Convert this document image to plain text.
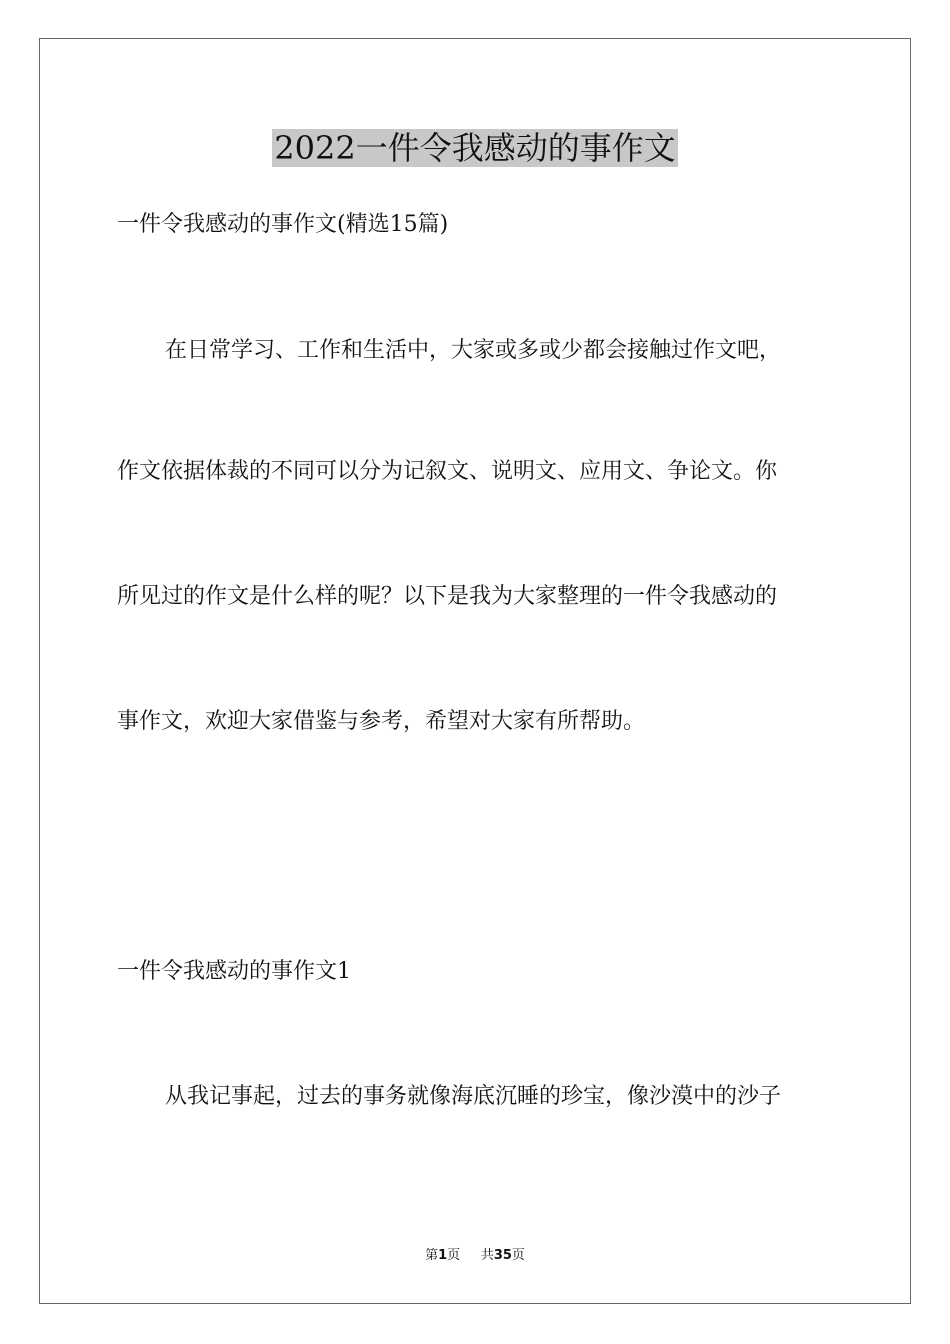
2022一件令我感动的事作文
一件令我感动的事作文(精选15篇)
在日常学习、工作和生活中，大家或多或少都会接触过作文吧，
作文依据体裁的不同可以分为记叙文、说明文、应用文、争论文。你
所见过的作文是什么样的呢？以下是我为大家整理的一件令我感动的
事作文，欢迎大家借鉴与参考，希望对大家有所帮助。
一件令我感动的事作文1
从我记事起，过去的事务就像海底沉睡的珍宝，像沙漠中的沙子
第1页 共35页
